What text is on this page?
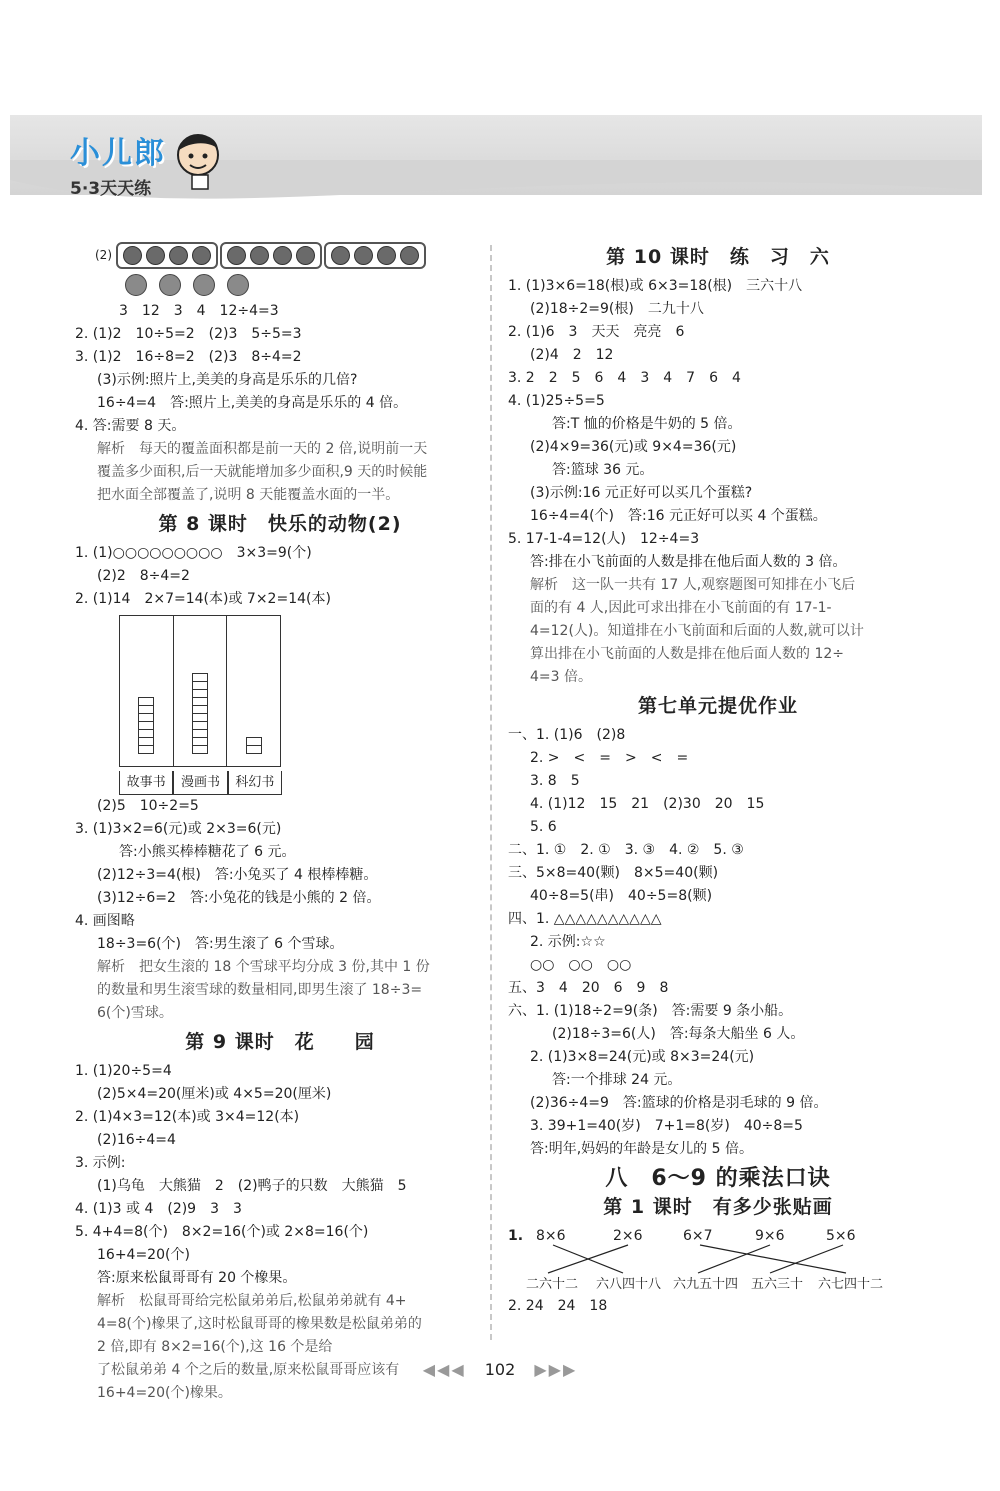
小儿郎
5·3天天练
(2)
3　12　3　4　12÷4=3
2. (1)2　10÷5=2　(2)3　5÷5=3
3. (1)2　16÷8=2　(2)3　8÷4=2
(3)示例:照片上,美美的身高是乐乐的几倍?
16÷4=4　答:照片上,美美的身高是乐乐的 4 倍。
4. 答:需要 8 天。
解析　每天的覆盖面积都是前一天的 2 倍,说明前一天
覆盖多少面积,后一天就能增加多少面积,9 天的时候能
把水面全部覆盖了,说明 8 天能覆盖水面的一半。
第 8 课时　快乐的动物(2)
1. (1)○○○○○○○○○　3×3=9(个)
(2)2　8÷4=2
2. (1)14　2×7=14(本)或 7×2=14(本)
故事书	漫画书	科幻书
(2)5　10÷2=5
3. (1)3×2=6(元)或 2×3=6(元)
答:小熊买棒棒糖花了 6 元。
(2)12÷3=4(根)　答:小兔买了 4 根棒棒糖。
(3)12÷6=2　答:小兔花的钱是小熊的 2 倍。
4. 画图略
18÷3=6(个)　答:男生滚了 6 个雪球。
解析　把女生滚的 18 个雪球平均分成 3 份,其中 1 份
的数量和男生滚雪球的数量相同,即男生滚了 18÷3=
6(个)雪球。
第 9 课时　花　　园
1. (1)20÷5=4
(2)5×4=20(厘米)或 4×5=20(厘米)
2. (1)4×3=12(本)或 3×4=12(本)
(2)16÷4=4
3. 示例:
(1)乌龟　大熊猫　2　(2)鸭子的只数　大熊猫　5
4. (1)3 或 4　(2)9　3　3
5. 4+4=8(个)　8×2=16(个)或 2×8=16(个)
16+4=20(个)
答:原来松鼠哥哥有 20 个橡果。
解析　松鼠哥哥给完松鼠弟弟后,松鼠弟弟就有 4+
4=8(个)橡果了,这时松鼠哥哥的橡果数是松鼠弟弟的
2 倍,即有 8×2=16(个),这 16 个是给
了松鼠弟弟 4 个之后的数量,原来松鼠哥哥应该有
16+4=20(个)橡果。
第 10 课时　练　习　六
1. (1)3×6=18(根)或 6×3=18(根)　三六十八
(2)18÷2=9(根)　二九十八
2. (1)6　3　天天　亮亮　6
(2)4　2　12
3. 2　2　5　6　4　3　4　7　6　4
4. (1)25÷5=5
答:T 恤的价格是牛奶的 5 倍。
(2)4×9=36(元)或 9×4=36(元)
答:篮球 36 元。
(3)示例:16 元正好可以买几个蛋糕?
16÷4=4(个)　答:16 元正好可以买 4 个蛋糕。
5. 17-1-4=12(人)　12÷4=3
答:排在小飞前面的人数是排在他后面人数的 3 倍。
解析　这一队一共有 17 人,观察题图可知排在小飞后
面的有 4 人,因此可求出排在小飞前面的有 17-1-
4=12(人)。知道排在小飞前面和后面的人数,就可以计
算出排在小飞前面的人数是排在他后面人数的 12÷
4=3 倍。
第七单元提优作业
一、1. (1)6　(2)8
2. >　<　=　>　<　=
3. 8　5
4. (1)12　15　21　(2)30　20　15
5. 6
二、1. ①　2. ①　3. ③　4. ②　5. ③
三、5×8=40(颗)　8×5=40(颗)
40÷8=5(串)　40÷5=8(颗)
四、1. △△△△△△△△△△
2. 示例:☆☆
○○　○○　○○
五、3　4　20　6　9　8
六、1. (1)18÷2=9(条)　答:需要 9 条小船。
(2)18÷3=6(人)　答:每条大船坐 6 人。
2. (1)3×8=24(元)或 8×3=24(元)
答:一个排球 24 元。
(2)36÷4=9　答:篮球的价格是羽毛球的 9 倍。
3. 39+1=40(岁)　7+1=8(岁)　40÷8=5
答:明年,妈妈的年龄是女儿的 5 倍。
八　6～9 的乘法口诀
第 1 课时　有多少张贴画
1. 8×6	2×6	6×7	9×6	5×6
二六十二 六八四十八 六九五十四 五六三十 六七四十二
2. 24　24　18
◀◀◀ 102 ▶▶▶
